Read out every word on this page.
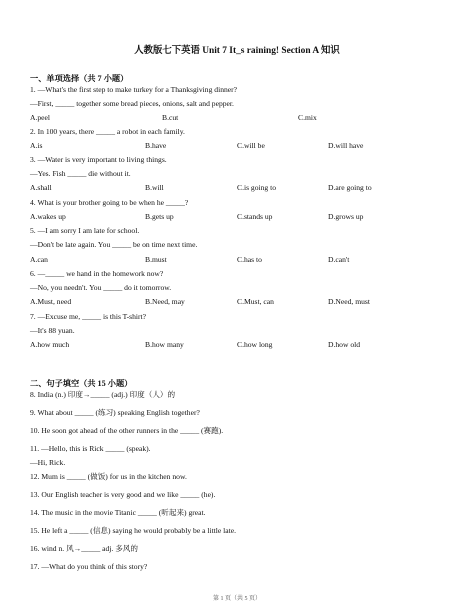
人教版七下英语 Unit 7 It_s raining! Section A 知识
一、单项选择（共 7 小题）
1. —What's the first step to make turkey for a Thanksgiving dinner?
—First, _____ together some bread pieces, onions, salt and pepper.
A.peel	B.cut	C.mix
2. In 100 years, there _____ a robot in each family.
A.is	B.have	C.will be	D.will have
3. —Water is very important to living things.
—Yes. Fish _____ die without it.
A.shall	B.will	C.is going to	D.are going to
4. What is your brother going to be when he _____?
A.wakes up	B.gets up	C.stands up	D.grows up
5. —I am sorry I am late for school.
—Don't be late again. You _____ be on time next time.
A.can	B.must	C.has to	D.can't
6. —_____ we hand in the homework now?
—No, you needn't. You _____ do it tomorrow.
A.Must, need	B.Need, may	C.Must, can	D.Need, must
7. —Excuse me, _____ is this T-shirt?
—It's 88 yuan.
A.how much	B.how many	C.how long	D.how old
二、句子填空（共 15 小题）
8. India (n.) 印度→_____ (adj.) 印度（人）的
9. What about _____ (练习) speaking English together?
10. He soon got ahead of the other runners in the _____ (赛跑).
11. —Hello, this is Rick _____ (speak).
—Hi, Rick.
12. Mum is _____ (做饭) for us in the kitchen now.
13. Our English teacher is very good and we like _____ (he).
14. The music in the movie Titanic _____ (听起来) great.
15. He left a _____ (信息) saying he would probably be a little late.
16. wind n. 风→_____ adj. 多风的
17. —What do you think of this story?
第 1 页（共 5 页）
